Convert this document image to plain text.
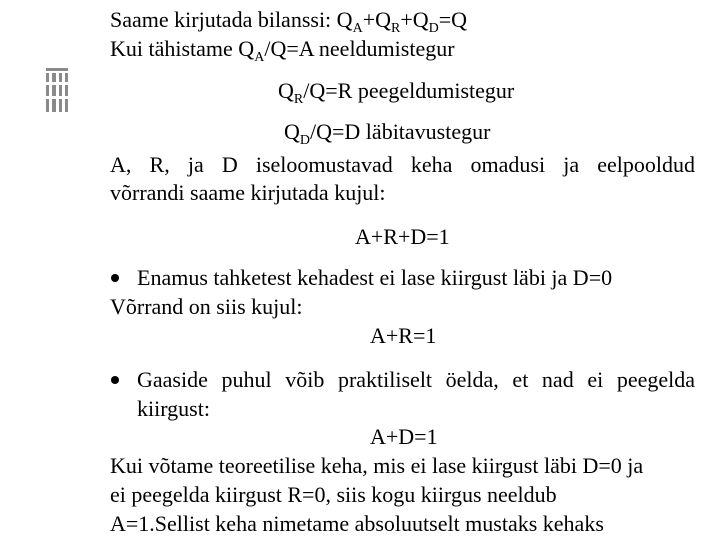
Saame kirjutada bilanssi: $Q_A+Q_R+Q_D=Q$
Kui tähistame $Q_A/Q=A$ neeldumistegur
$Q_R/Q=R$ peegeldumistegur
$Q_D/Q=D$ läbitavustegur
A, R, ja D iseloomustavad keha omadusi ja eelpooldud
võrrandi saame kirjutada kujul:
A+R+D=1
Enamus tahketest kehadest ei lase kiirgust läbi ja D=0
Võrrand on siis kujul:
A+R=1
Gaaside puhul võib praktiliselt öelda, et nad ei peegelda
kiirgust:
A+D=1
Kui võtame teoreetilise keha, mis ei lase kiirgust läbi D=0 ja
ei peegelda kiirgust R=0, siis kogu kiirgus neeldub
A=1.Sellist keha nimetame absoluutselt mustaks kehaks
